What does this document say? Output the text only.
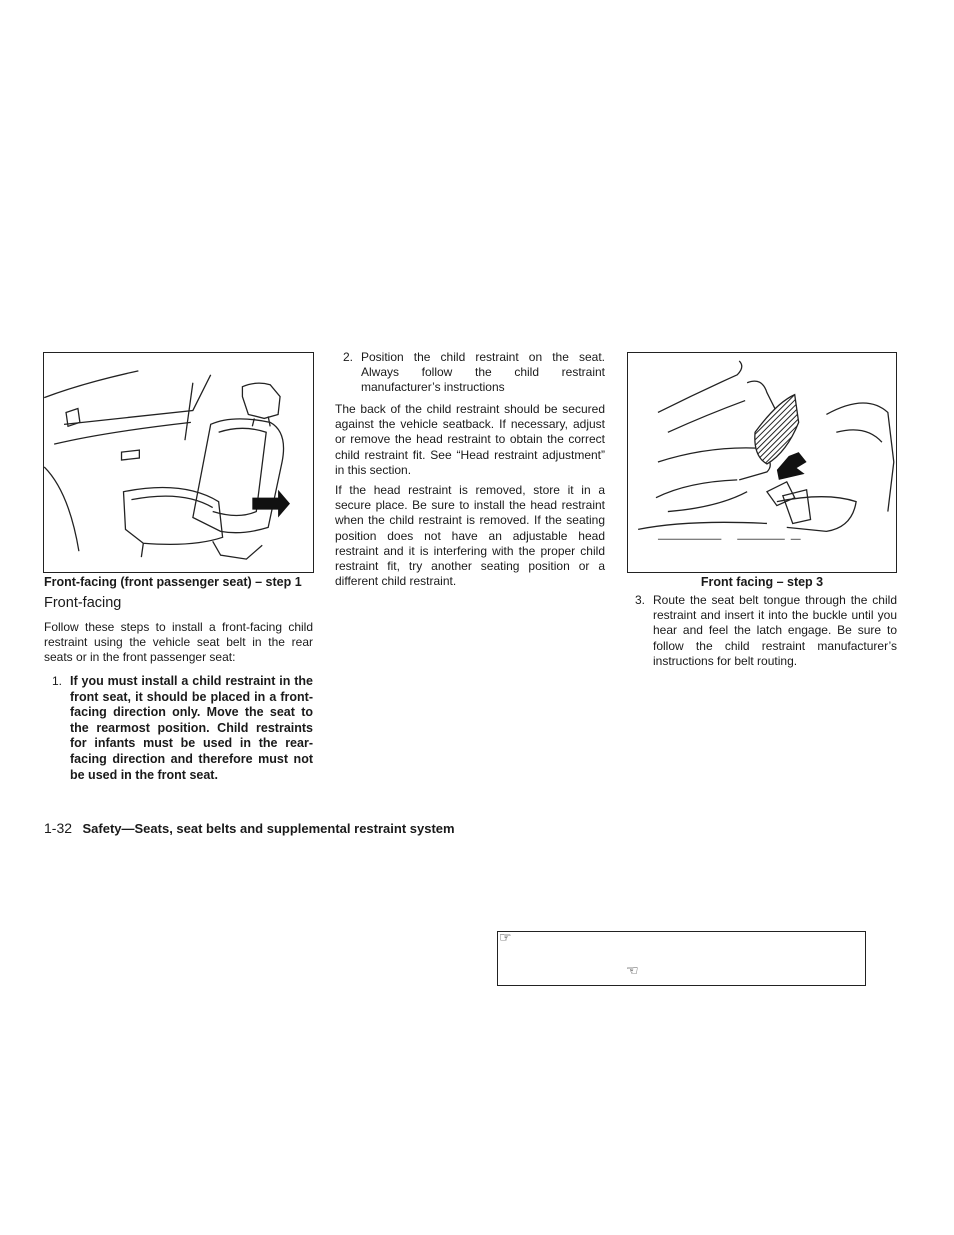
Front-facing (front passenger seat) – step 1
Front-facing

Follow these steps to install a front-facing child restraint using the vehicle seat belt in the rear seats or in the front passenger seat:

1. If you must install a child restraint in the front seat, it should be placed in a front-facing direction only. Move the seat to the rearmost position. Child restraints for infants must be used in the rear-facing direction and therefore must not be used in the front seat.
2. Position the child restraint on the seat. Always follow the child restraint manufacturer’s instructions

The back of the child restraint should be secured against the vehicle seatback. If necessary, adjust or remove the head restraint to obtain the correct child restraint fit. See “Head restraint adjustment” in this section.

If the head restraint is removed, store it in a secure place. Be sure to install the head restraint when the child restraint is removed. If the seating position does not have an adjustable head restraint and it is interfering with the proper child restraint fit, try another seating position or a different child restraint.	Front facing – step 3
3. Route the seat belt tongue through the child restraint and insert it into the buckle until you hear and feel the latch engage. Be sure to follow the child restraint manufacturer’s instructions for belt routing.
1-32 Safety—Seats, seat belts and supplemental restraint system
☞
☜
